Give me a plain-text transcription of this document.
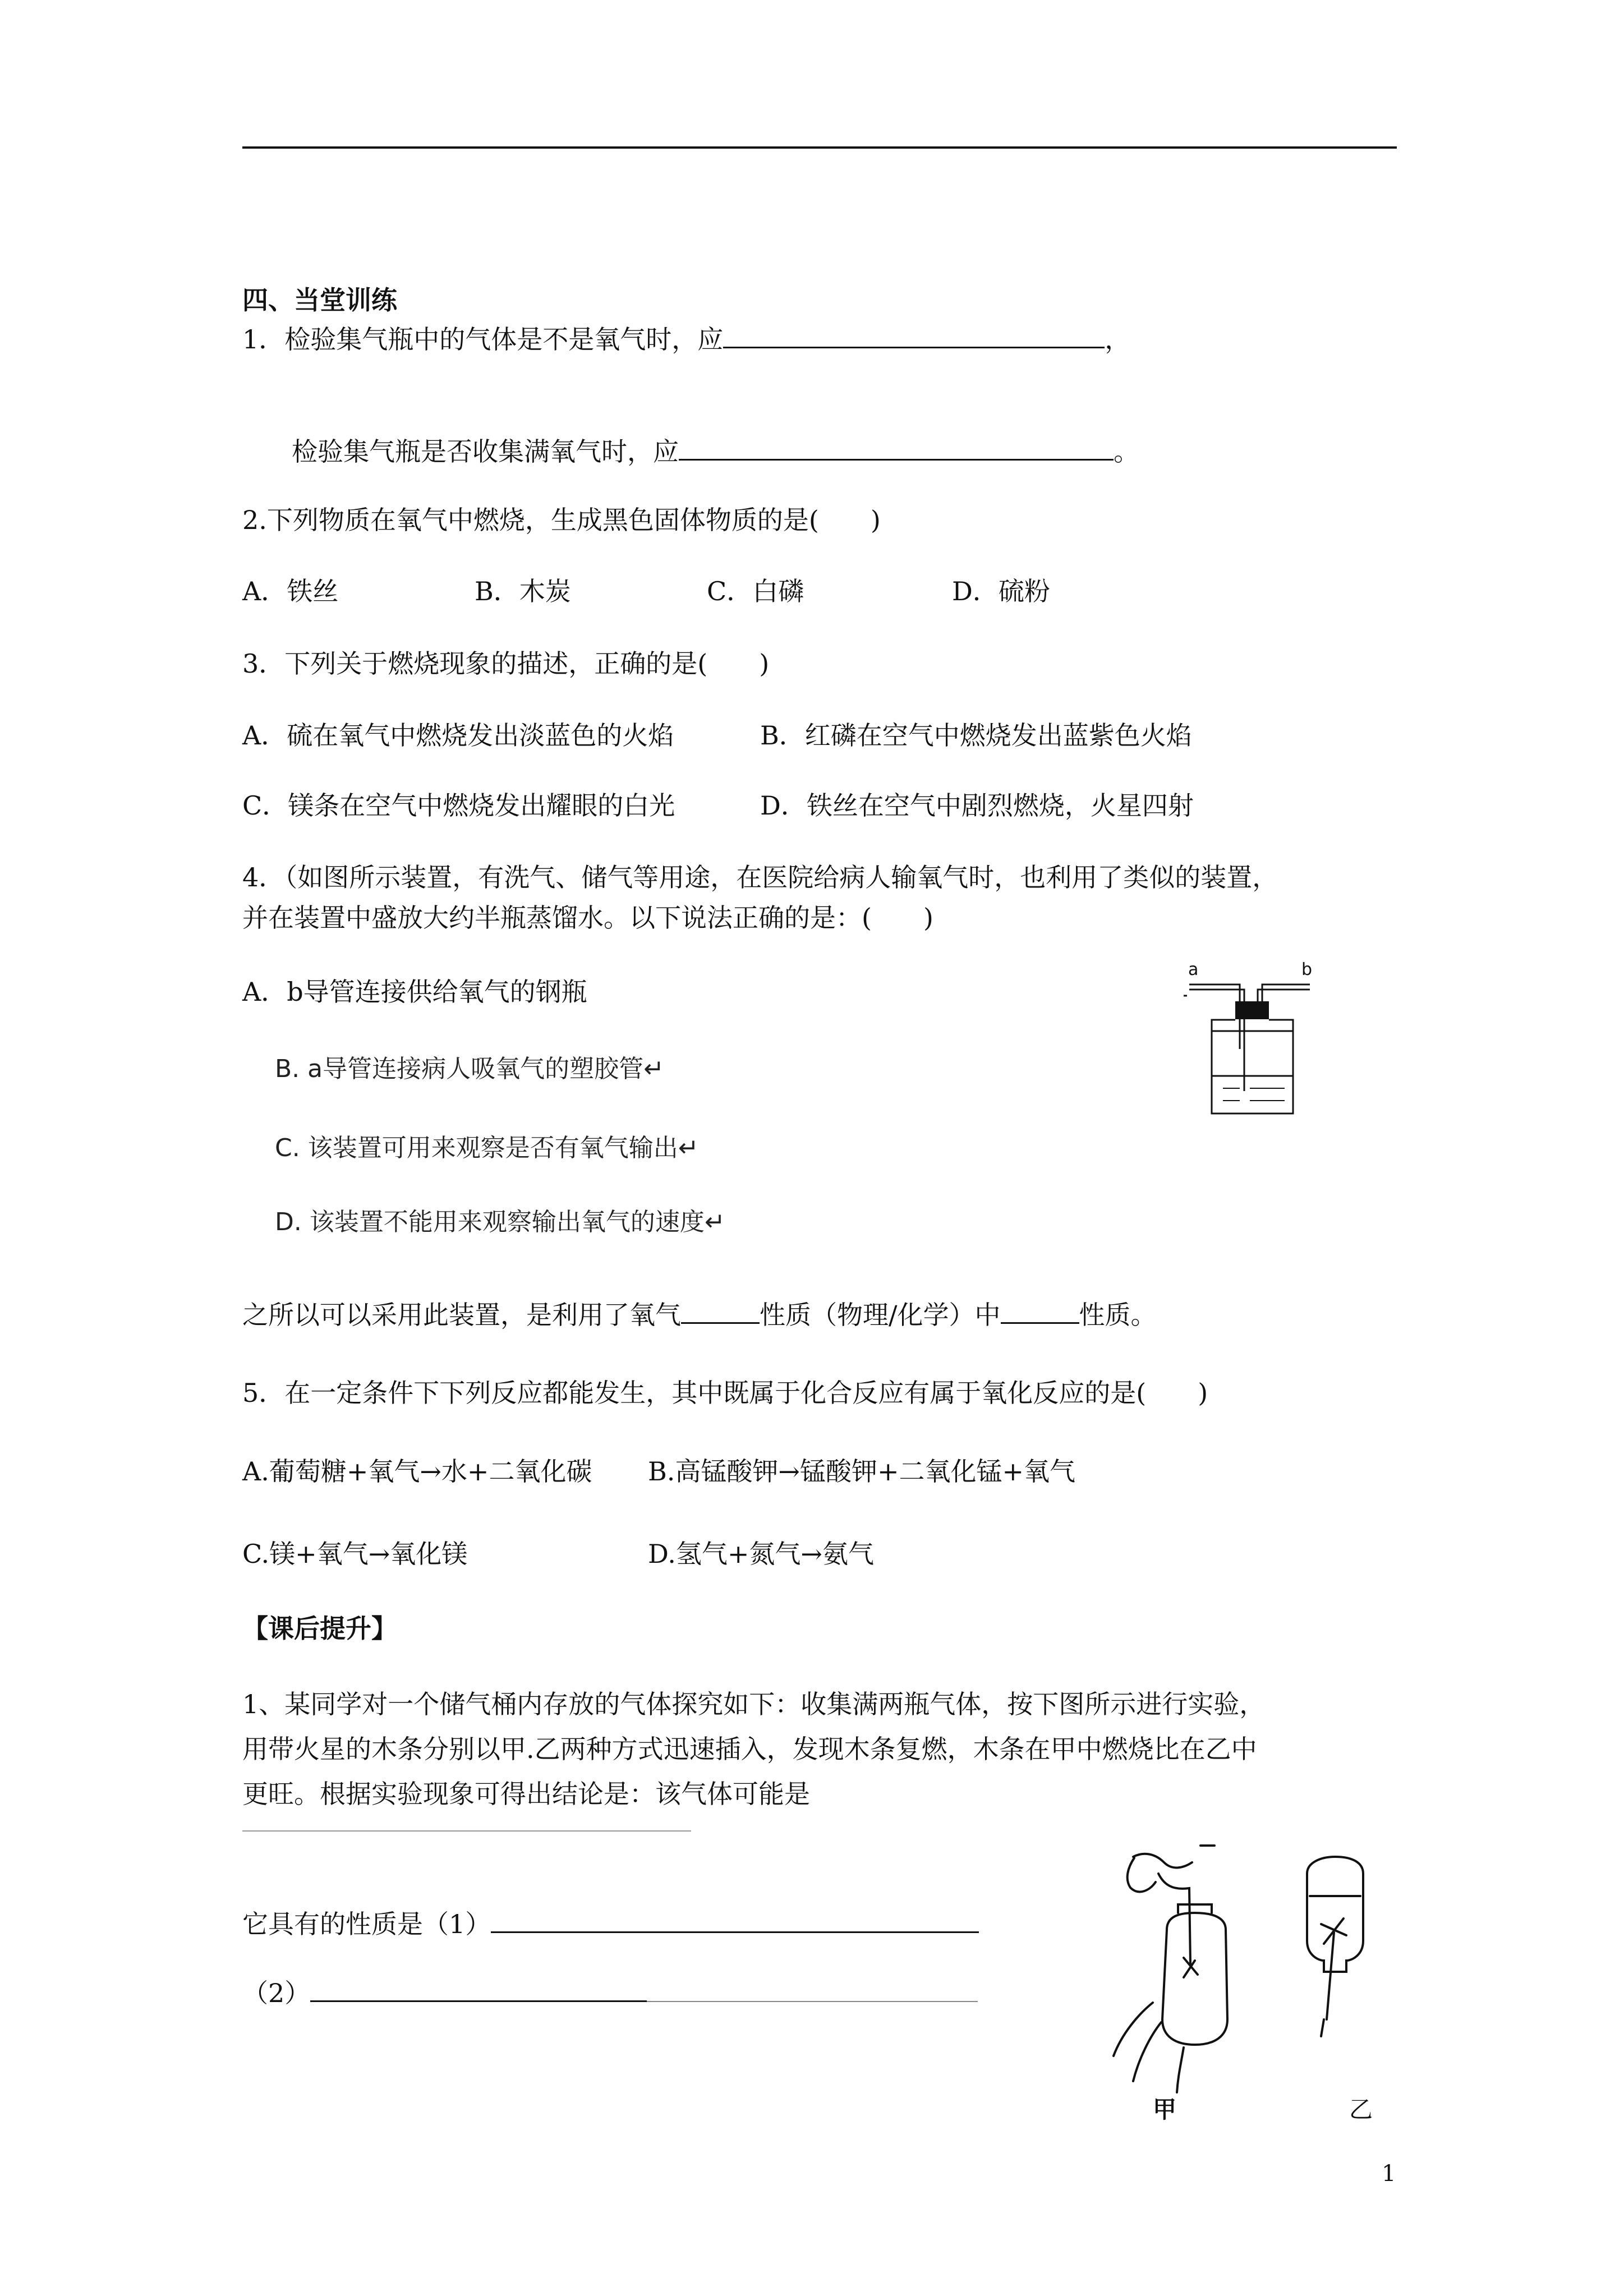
四、当堂训练
1．检验集气瓶中的气体是不是氧气时，应	，
检验集气瓶是否收集满氧气时，应	。
2.下列物质在氧气中燃烧，生成黑色固体物质的是(　　)
A．铁丝	B．木炭	C．白磷	D．硫粉
3．下列关于燃烧现象的描述，正确的是(　　)
A．硫在氧气中燃烧发出淡蓝色的火焰	B．红磷在空气中燃烧发出蓝紫色火焰
C．镁条在空气中燃烧发出耀眼的白光	D．铁丝在空气中剧烈燃烧，火星四射
4．（如图所示装置，有洗气、储气等用途，在医院给病人输氧气时，也利用了类似的装置，
并在装置中盛放大约半瓶蒸馏水。以下说法正确的是：(　　)
A．b导管连接供给氧气的钢瓶
B. a导管连接病人吸氧气的塑胶管↵
C. 该装置可用来观察是否有氧气输出↵
D. 该装置不能用来观察输出氧气的速度↵
a	b
之所以可以采用此装置，是利用了氧气	性质（物理/化学）中	性质。
5．在一定条件下下列反应都能发生，其中既属于化合反应有属于氧化反应的是(　　)
A.葡萄糖+氧气→水+二氧化碳 B.高锰酸钾→锰酸钾+二氧化锰+氧气
C.镁+氧气→氧化镁	D.氢气+氮气→氨气
【课后提升】
1、某同学对一个储气桶内存放的气体探究如下：收集满两瓶气体，按下图所示进行实验，
用带火星的木条分别以甲.乙两种方式迅速插入，发现木条复燃，木条在甲中燃烧比在乙中
更旺。根据实验现象可得出结论是：该气体可能是
它具有的性质是（1）
（2）
甲	乙
1
